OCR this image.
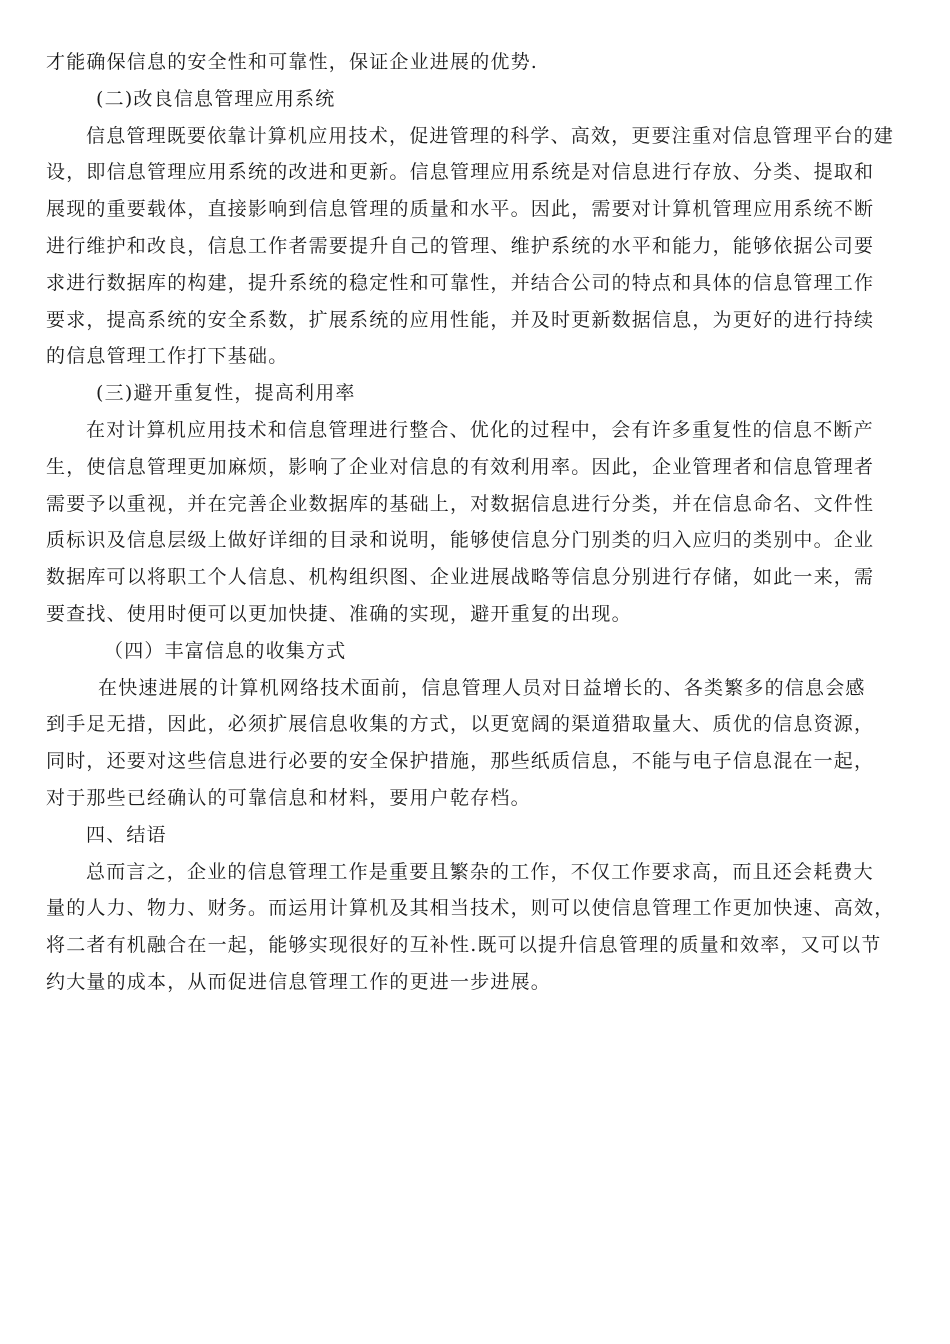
才能确保信息的安全性和可靠性，保证企业进展的优势.
(二)改良信息管理应用系统
信息管理既要依靠计算机应用技术，促进管理的科学、高效，更要注重对信息管理平台的建
设，即信息管理应用系统的改进和更新。信息管理应用系统是对信息进行存放、分类、提取和
展现的重要载体，直接影响到信息管理的质量和水平。因此，需要对计算机管理应用系统不断
进行维护和改良，信息工作者需要提升自己的管理、维护系统的水平和能力，能够依据公司要
求进行数据库的构建，提升系统的稳定性和可靠性，并结合公司的特点和具体的信息管理工作
要求，提高系统的安全系数，扩展系统的应用性能，并及时更新数据信息，为更好的进行持续
的信息管理工作打下基础。
(三)避开重复性，提高利用率
在对计算机应用技术和信息管理进行整合、优化的过程中，会有许多重复性的信息不断产
生，使信息管理更加麻烦，影响了企业对信息的有效利用率。因此，企业管理者和信息管理者
需要予以重视，并在完善企业数据库的基础上，对数据信息进行分类，并在信息命名、文件性
质标识及信息层级上做好详细的目录和说明，能够使信息分门别类的归入应归的类别中。企业
数据库可以将职工个人信息、机构组织图、企业进展战略等信息分别进行存储，如此一来，需
要查找、使用时便可以更加快捷、准确的实现，避开重复的出现。
（四）丰富信息的收集方式
在快速进展的计算机网络技术面前，信息管理人员对日益增长的、各类繁多的信息会感
到手足无措，因此，必须扩展信息收集的方式，以更宽阔的渠道猎取量大、质优的信息资源，
同时，还要对这些信息进行必要的安全保护措施，那些纸质信息，不能与电子信息混在一起，
对于那些已经确认的可靠信息和材料，要用户乾存档。
四、结语
总而言之，企业的信息管理工作是重要且繁杂的工作，不仅工作要求高，而且还会耗费大
量的人力、物力、财务。而运用计算机及其相当技术，则可以使信息管理工作更加快速、高效，
将二者有机融合在一起，能够实现很好的互补性.既可以提升信息管理的质量和效率，又可以节
约大量的成本，从而促进信息管理工作的更进一步进展。
